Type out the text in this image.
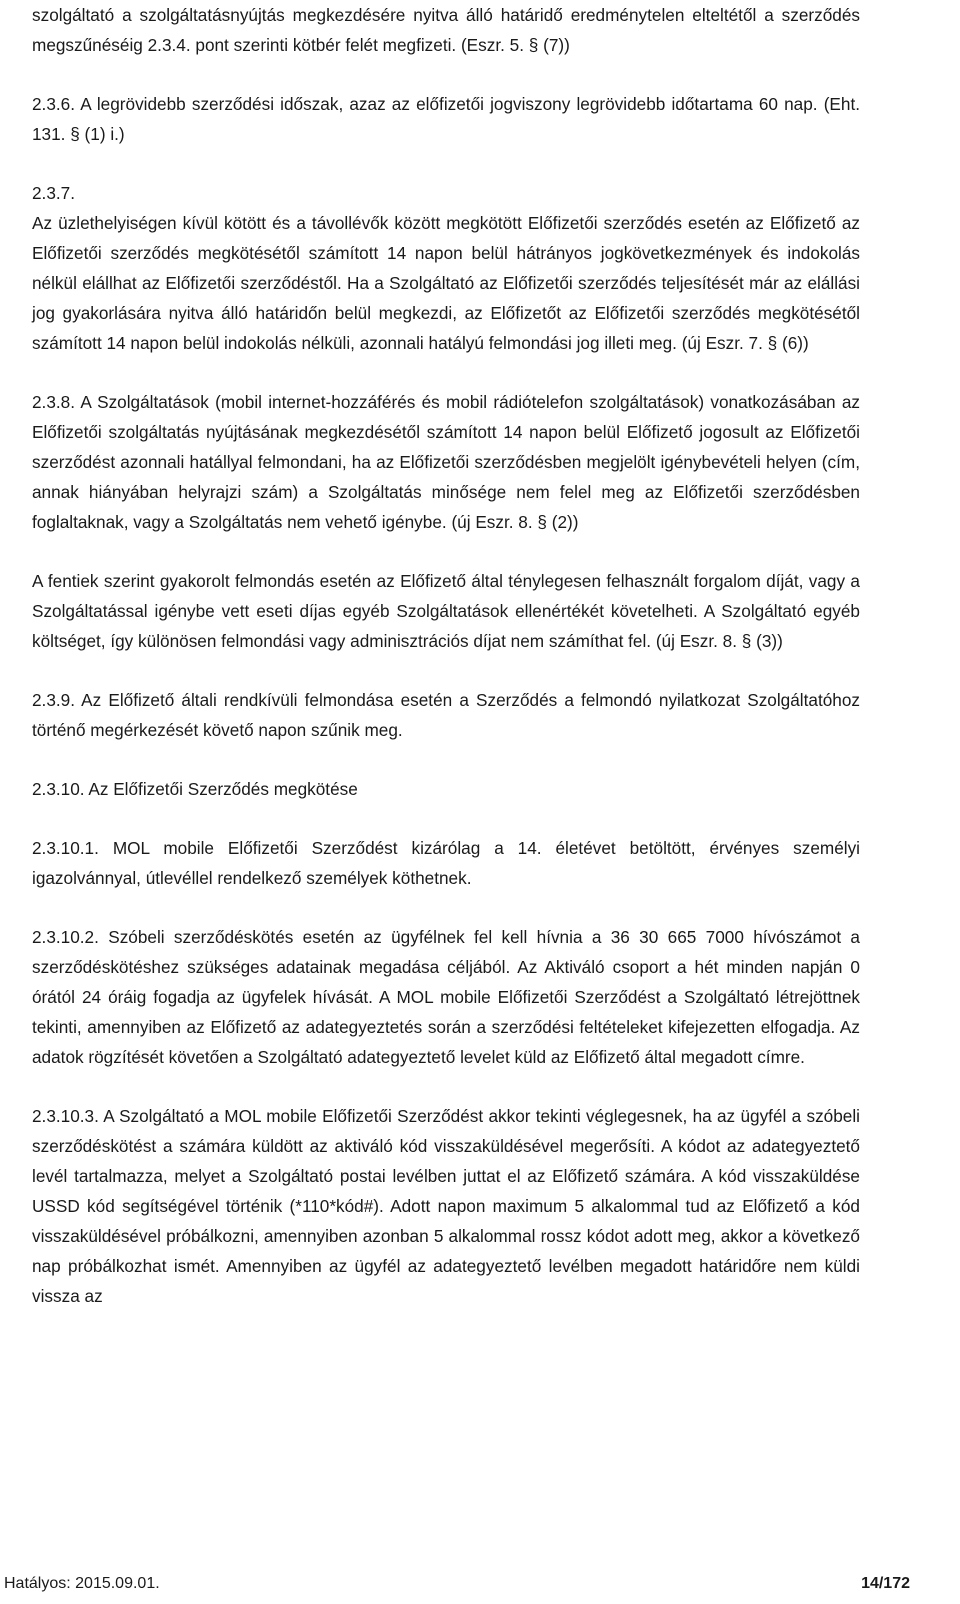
szolgáltató a szolgáltatásnyújtás megkezdésére nyitva álló határidő eredménytelen elteltétől a szerződés megszűnéséig 2.3.4. pont szerinti kötbér felét megfizeti. (Eszr. 5. § (7))

2.3.6. A legrövidebb szerződési időszak, azaz az előfizetői jogviszony legrövidebb időtartama 60 nap. (Eht. 131. § (1) i.)

2.3.7.

Az üzlethelyiségen kívül kötött és a távollévők között megkötött Előfizetői szerződés esetén az Előfizető az Előfizetői szerződés megkötésétől számított 14 napon belül hátrányos jogkövetkezmények és indokolás nélkül elállhat az Előfizetői szerződéstől. Ha a Szolgáltató az Előfizetői szerződés teljesítését már az elállási jog gyakorlására nyitva álló határidőn belül megkezdi, az Előfizetőt az Előfizetői szerződés megkötésétől számított 14 napon belül indokolás nélküli, azonnali hatályú felmondási jog illeti meg. (új Eszr. 7. § (6))

2.3.8. A Szolgáltatások (mobil internet-hozzáférés és mobil rádiótelefon szolgáltatások) vonatkozásában az Előfizetői szolgáltatás nyújtásának megkezdésétől számított 14 napon belül Előfizető jogosult az Előfizetői szerződést azonnali hatállyal felmondani, ha az Előfizetői szerződésben megjelölt igénybevételi helyen (cím, annak hiányában helyrajzi szám) a Szolgáltatás minősége nem felel meg az Előfizetői szerződésben foglaltaknak, vagy a Szolgáltatás nem vehető igénybe. (új Eszr. 8. § (2))

A fentiek szerint gyakorolt felmondás esetén az Előfizető által ténylegesen felhasznált forgalom díját, vagy a Szolgáltatással igénybe vett eseti díjas egyéb Szolgáltatások ellenértékét követelheti. A Szolgáltató egyéb költséget, így különösen felmondási vagy adminisztrációs díjat nem számíthat fel. (új Eszr. 8. § (3))

2.3.9. Az Előfizető általi rendkívüli felmondása esetén a Szerződés a felmondó nyilatkozat Szolgáltatóhoz történő megérkezését követő napon szűnik meg.

2.3.10. Az Előfizetői Szerződés megkötése

2.3.10.1. MOL mobile Előfizetői Szerződést kizárólag a 14. életévet betöltött, érvényes személyi igazolvánnyal, útlevéllel rendelkező személyek köthetnek.

2.3.10.2. Szóbeli szerződéskötés esetén az ügyfélnek fel kell hívnia a 36 30 665 7000 hívószámot a szerződéskötéshez szükséges adatainak megadása céljából. Az Aktiváló csoport a hét minden napján 0 órától 24 óráig fogadja az ügyfelek hívását. A MOL mobile Előfizetői Szerződést a Szolgáltató létrejöttnek tekinti, amennyiben az Előfizető az adategyeztetés során a szerződési feltételeket kifejezetten elfogadja. Az adatok rögzítését követően a Szolgáltató adategyeztető levelet küld az Előfizető által megadott címre.

2.3.10.3. A Szolgáltató a MOL mobile Előfizetői Szerződést akkor tekinti véglegesnek, ha az ügyfél a szóbeli szerződéskötést a számára küldött az aktiváló kód visszaküldésével megerősíti. A kódot az adategyeztető levél tartalmazza, melyet a Szolgáltató postai levélben juttat el az Előfizető számára. A kód visszaküldése USSD kód segítségével történik (*110*kód#). Adott napon maximum 5 alkalommal tud az Előfizető a kód visszaküldésével próbálkozni, amennyiben azonban 5 alkalommal rossz kódot adott meg, akkor a következő nap próbálkozhat ismét. Amennyiben az ügyfél az adategyeztető levélben megadott határidőre nem küldi vissza az

Hatályos: 2015.09.01.	14/172
